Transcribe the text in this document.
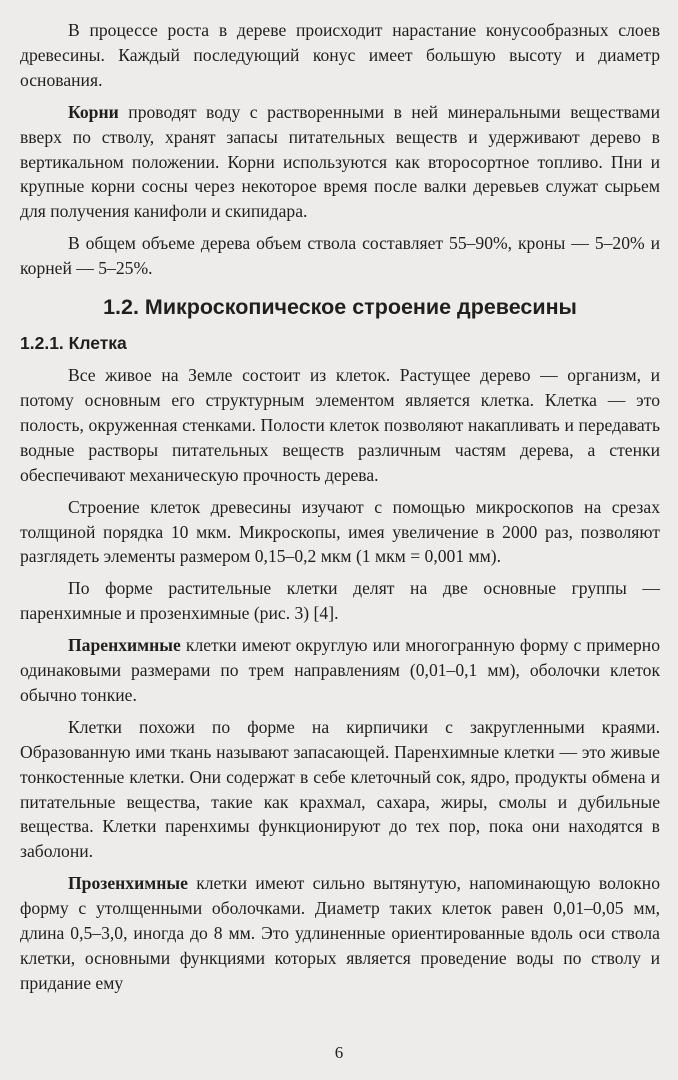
В процессе роста в дереве происходит нарастание конусообразных слоев древесины. Каждый последующий конус имеет большую высоту и диаметр основания.

Корни проводят воду с растворенными в ней минеральными веществами вверх по стволу, хранят запасы питательных веществ и удерживают дерево в вертикальном положении. Корни используются как второсортное топливо. Пни и крупные корни сосны через некоторое время после валки деревьев служат сырьем для получения канифоли и скипидара.

В общем объеме дерева объем ствола составляет 55–90%, кроны — 5–20% и корней — 5–25%.

1.2. Микроскопическое строение древесины
1.2.1. Клетка

Все живое на Земле состоит из клеток. Растущее дерево — организм, и потому основным его структурным элементом является клетка. Клетка — это полость, окруженная стенками. Полости клеток позволяют накапливать и передавать водные растворы питательных веществ различным частям дерева, а стенки обеспечивают механическую прочность дерева.

Строение клеток древесины изучают с помощью микроскопов на срезах толщиной порядка 10 мкм. Микроскопы, имея увеличение в 2000 раз, позволяют разглядеть элементы размером 0,15–0,2 мкм (1 мкм = 0,001 мм).

По форме растительные клетки делят на две основные группы — паренхимные и прозенхимные (рис. 3) [4].

Паренхимные клетки имеют округлую или многогранную форму с примерно одинаковыми размерами по трем направлениям (0,01–0,1 мм), оболочки клеток обычно тонкие.

Клетки похожи по форме на кирпичики с закругленными краями. Образованную ими ткань называют запасающей. Паренхимные клетки — это живые тонкостенные клетки. Они содержат в себе клеточный сок, ядро, продукты обмена и питательные вещества, такие как крахмал, сахара, жиры, смолы и дубильные вещества. Клетки паренхимы функционируют до тех пор, пока они находятся в заболони.

Прозенхимные клетки имеют сильно вытянутую, напоминающую волокно форму с утолщенными оболочками. Диаметр таких клеток равен 0,01–0,05 мм, длина 0,5–3,0, иногда до 8 мм. Это удлиненные ориентированные вдоль оси ствола клетки, основными функциями которых является проведение воды по стволу и придание ему

6
